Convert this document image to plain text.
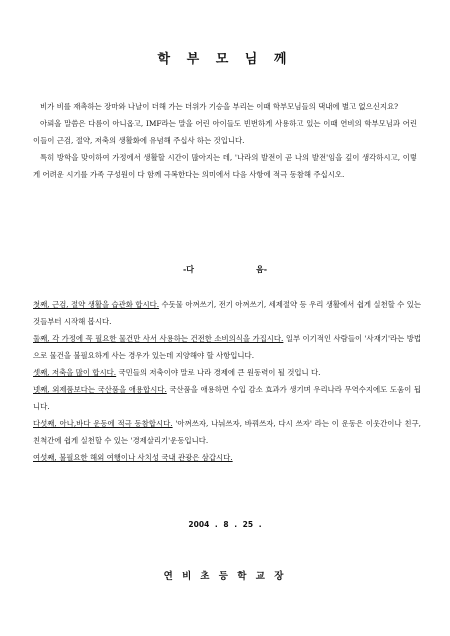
학 부 모 님 께

비가 비를 재촉하는 장마와 나날이 더해 가는 더위가 기승을 부리는 이때 학부모님들의 댁내에 별고 없으신지요?

아뢰올 말씀은 다름이 아니옵고, IMF라는 말을 어린 아이들도 빈번하게 사용하고 있는 이때 연비의 학부모님과 어린이들이 근검, 절약, 저축의 생활화에 유념해 주십사 하는 것입니다.

특히 방학을 맞이하여 가정에서 생활할 시간이 많아지는 데, '나라의 발전이 곧 나의 발전'임을 깊이 생각하시고, 이렇게 어려운 시기를 가족 구성원이 다 함께 극복한다는 의미에서 다음 사항에 적극 동참해 주십시오.

-다	음-

첫째, 근검, 절약 생활을 습관화 합시다. 수돗물 아껴쓰기, 전기 아껴쓰기, 세제절약 등 우리 생활에서 쉽게 실천할 수 있는 것들부터 시작해 봅시다.

둘째, 각 가정에 꼭 필요한 물건만 사서 사용하는 건전한 소비의식을 가집시다. 일부 이기적인 사람들이 '사재기'라는 방법으로 물건을 불필요하게 사는 경우가 있는데 지양해야 할 사항입니다.

셋째, 저축을 많이 합시다. 국민들의 저축이야 말로 나라 경제에 큰 원동력이 될 것입니 다.

넷째, 외제품보다는 국산품을 애용합시다. 국산품을 애용하면 수입 감소 효과가 생기며 우리나라 무역수지에도 도움이 됩니다.

다섯째, 아나,바다 운동에 적극 동참합시다. '아껴쓰자, 나눠쓰자, 바꿔쓰자, 다시 쓰자' 라는 이 운동은 이웃간이나 친구, 친척간에 쉽게 실천할 수 있는 '경제살리기'운동입니다.

여섯째, 불필요한 해외 여행이나 사치성 국내 관광은 삼갑시다.

2004 . 8 . 25 .
연 비 초 등 학 교 장
